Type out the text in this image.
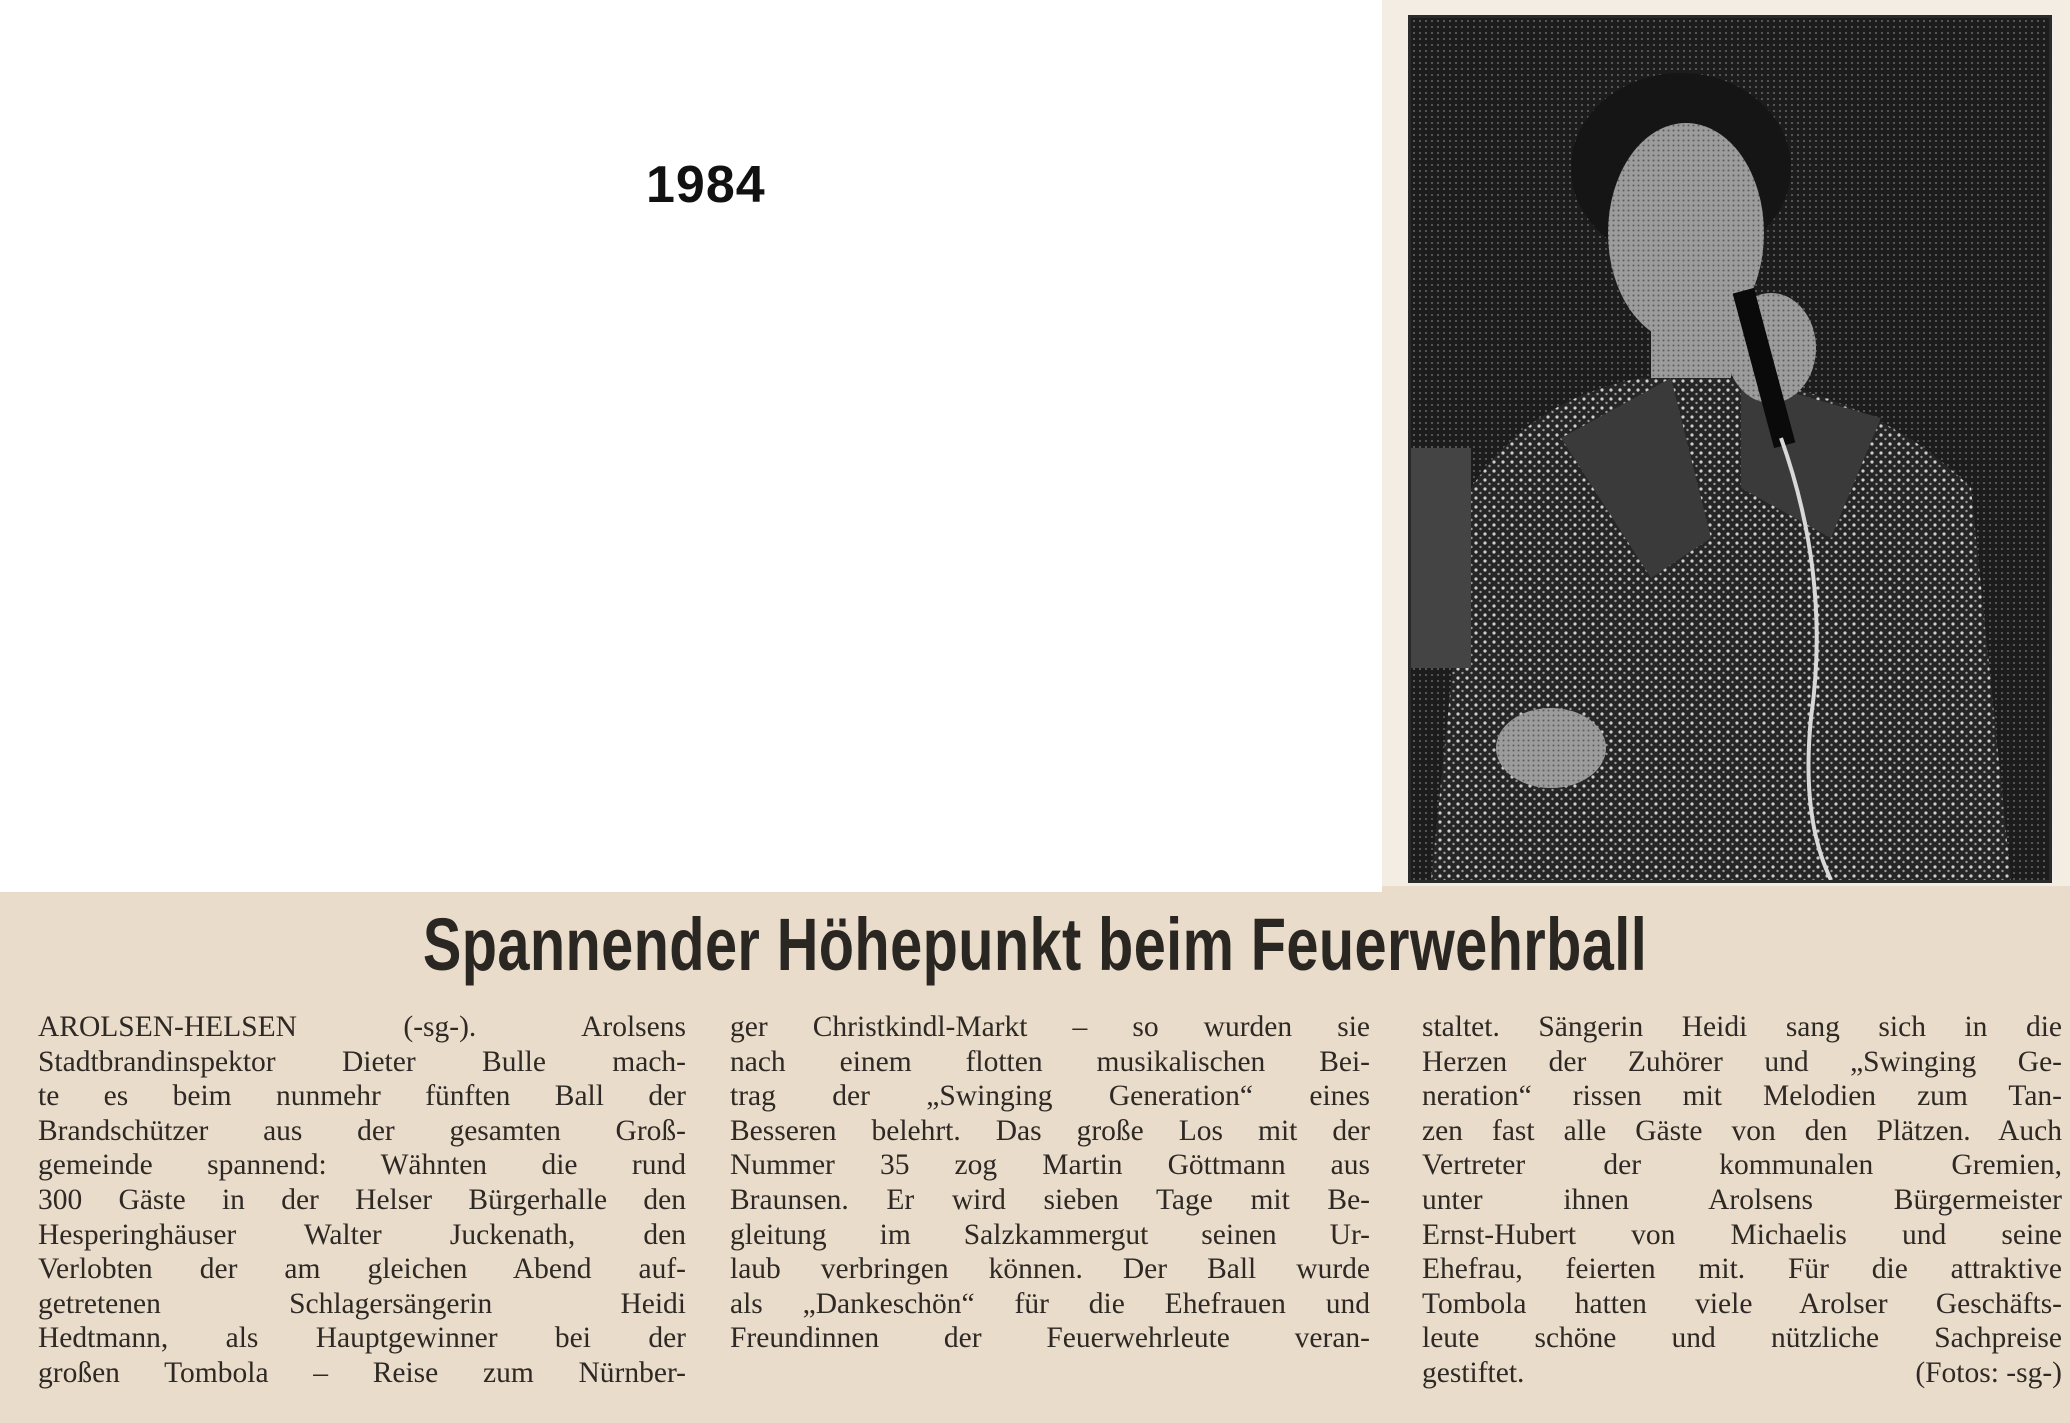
1984
Spannender Höhepunkt beim Feuerwehrball
AROLSEN-HELSEN (-sg-). Arolsens
Stadtbrandinspektor Dieter Bulle mach-
te es beim nunmehr fünften Ball der
Brandschützer aus der gesamten Groß-
gemeinde spannend: Wähnten die rund
300 Gäste in der Helser Bürgerhalle den
Hesperinghäuser Walter Juckenath, den
Verlobten der am gleichen Abend auf-
getretenen Schlagersängerin Heidi
Hedtmann, als Hauptgewinner bei der
großen Tombola – Reise zum Nürnber-
ger Christkindl-Markt – so wurden sie
nach einem flotten musikalischen Bei-
trag der „Swinging Generation“ eines
Besseren belehrt. Das große Los mit der
Nummer 35 zog Martin Göttmann aus
Braunsen. Er wird sieben Tage mit Be-
gleitung im Salzkammergut seinen Ur-
laub verbringen können. Der Ball wurde
als „Dankeschön“ für die Ehefrauen und
Freundinnen der Feuerwehrleute veran-
staltet. Sängerin Heidi sang sich in die
Herzen der Zuhörer und „Swinging Ge-
neration“ rissen mit Melodien zum Tan-
zen fast alle Gäste von den Plätzen. Auch
Vertreter der kommunalen Gremien,
unter ihnen Arolsens Bürgermeister
Ernst-Hubert von Michaelis und seine
Ehefrau, feierten mit. Für die attraktive
Tombola hatten viele Arolser Geschäfts-
leute schöne und nützliche Sachpreise
gestiftet.	(Fotos: -sg-)
